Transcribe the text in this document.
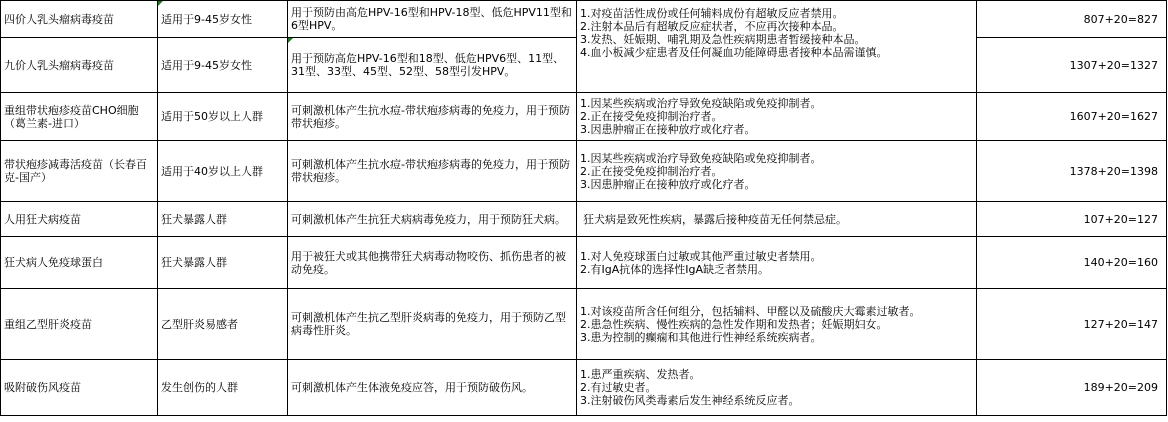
四价人乳头瘤病毒疫苗	适用于9-45岁女性	用于预防由高危HPV-16型和HPV-18型、低危HPV11型和6型HPV。	1.对疫苗活性成份或任何辅料成份有超敏反应者禁用。
2.注射本品后有超敏反应症状者，不应再次接种本品。
3.发热、妊娠期、哺乳期及急性疾病期患者暂缓接种本品。
4.血小板减少症患者及任何凝血功能障碍患者接种本品需谨慎。	807+20=827
九价人乳头瘤病毒疫苗	适用于9-45岁女性	用于预防高危HPV-16型和18型、低危HPV6型、11型、31型、33型、45型、52型、58型引发HPV。		1307+20=1327
重组带状疱疹疫苗CHO细胞（葛兰素-进口）	适用于50岁以上人群	可刺激机体产生抗水痘-带状疱疹病毒的免疫力，用于预防带状疱疹。	1.因某些疾病或治疗导致免疫缺陷或免疫抑制者。
2.正在接受免疫抑制治疗者。
3.因患肿瘤正在接种放疗或化疗者。	1607+20=1627
带状疱疹减毒活疫苗（长春百克-国产）	适用于40岁以上人群	可刺激机体产生抗水痘-带状疱疹病毒的免疫力，用于预防带状疱疹。	1.因某些疾病或治疗导致免疫缺陷或免疫抑制者。
2.正在接受免疫抑制治疗者。
3.因患肿瘤正在接种放疗或化疗者。	1378+20=1398
人用狂犬病疫苗	狂犬暴露人群	可刺激机体产生抗狂犬病病毒免疫力，用于预防狂犬病。	狂犬病是致死性疾病，暴露后接种疫苗无任何禁忌症。	107+20=127
狂犬病人免疫球蛋白	狂犬暴露人群	用于被狂犬或其他携带狂犬病毒动物咬伤、抓伤患者的被动免疫。	1.对人免疫球蛋白过敏或其他严重过敏史者禁用。
2.有IgA抗体的选择性IgA缺乏者禁用。	140+20=160
重组乙型肝炎疫苗	乙型肝炎易感者	可刺激机体产生抗乙型肝炎病毒的免疫力，用于预防乙型病毒性肝炎。	1.对该疫苗所含任何组分，包括辅料、甲醛以及硫酸庆大霉素过敏者。
2.患急性疾病、慢性疾病的急性发作期和发热者；妊娠期妇女。
3.患为控制的癫痫和其他进行性神经系统疾病者。	127+20=147
吸附破伤风疫苗	发生创伤的人群	可刺激机体产生体液免疫应答，用于预防破伤风。	1.患严重疾病、发热者。
2.有过敏史者。
3.注射破伤风类毒素后发生神经系统反应者。	189+20=209
